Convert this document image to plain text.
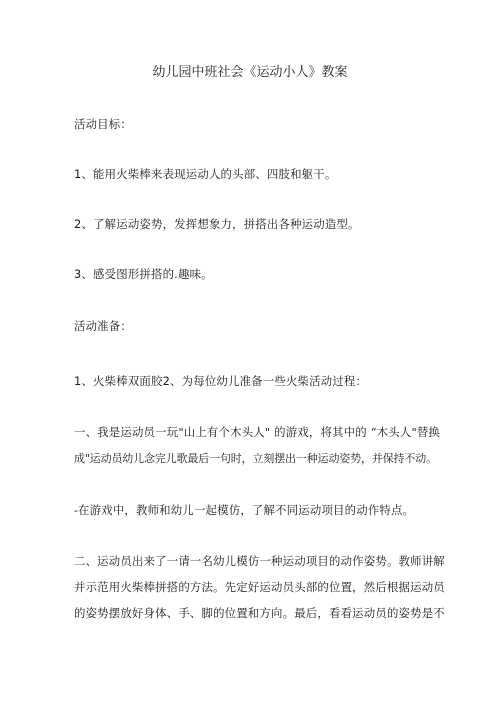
幼儿园中班社会《运动小人》教案
活动目标：
1、能用火柴棒来表现运动人的头部、四肢和躯干。
2、了解运动姿势，发挥想象力，拼搭出各种运动造型。
3、感受图形拼搭的.趣味。
活动准备：
1、火柴棒双面胶2、为每位幼儿准备一些火柴活动过程：
一、我是运动员一玩"山上有个木头人" 的游戏，将其中的 “木头人"替换
成"运动员幼儿念完儿歌最后一句时，立刻摆出一种运动姿势，并保持不动。
-在游戏中，教师和幼儿一起模仿，了解不同运动项目的动作特点。
二、运动员出来了一请一名幼儿模仿一种运动项目的动作姿势。教师讲解
并示范用火柴棒拼搭的方法。先定好运动员头部的位置，然后根据运动员
的姿势摆放好身体、手、脚的位置和方向。最后，看看运动员的姿势是不
